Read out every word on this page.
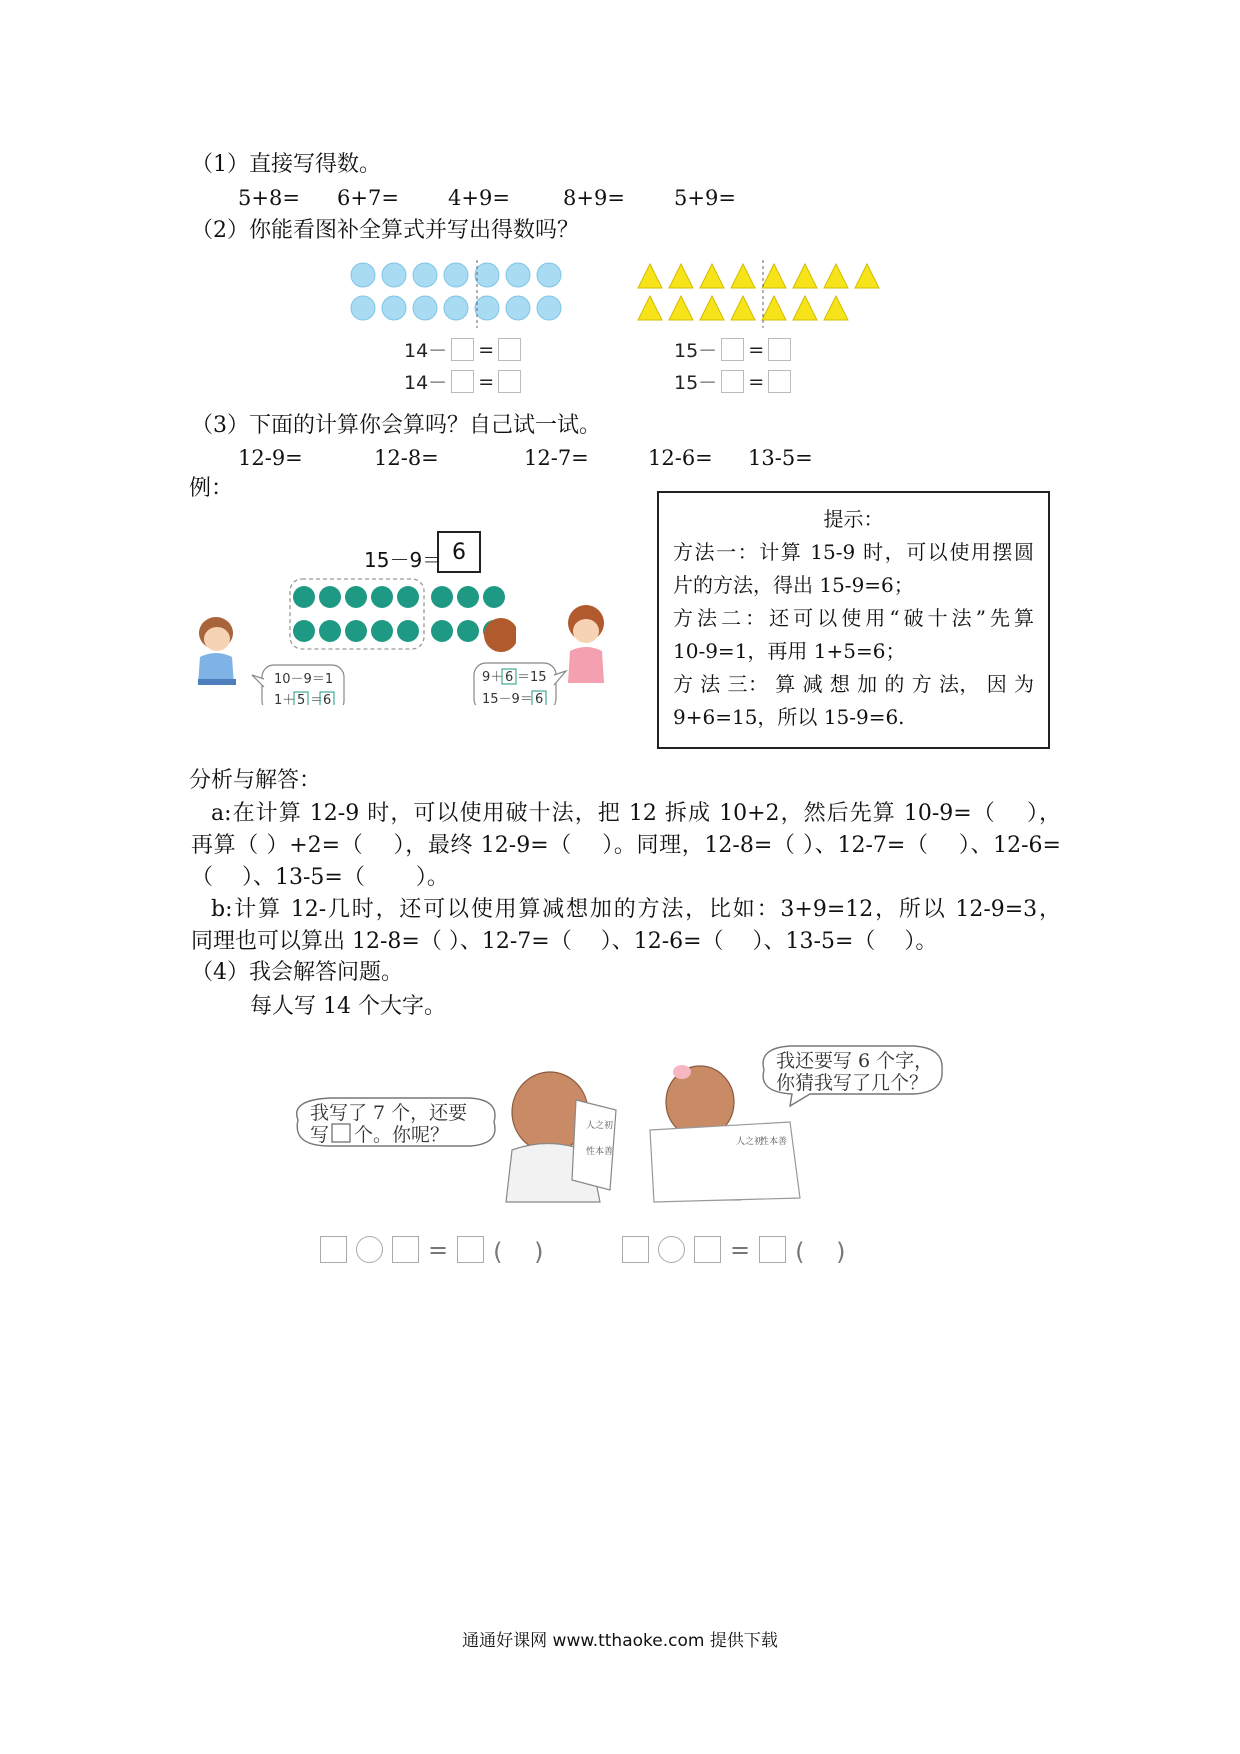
（1）直接写得数。
5+8= 6+7= 4+9=	8+9= 5+9=
（2）你能看图补全算式并写出得数吗？
14－ =
14－ =
15－ =
15－ =
（3）下面的计算你会算吗？自己试一试。
12-9=	12-8=	12-7=	12-6= 13-5=
例：
15－9＝ 6
10－9＝1
1＋ 5 ＝ 6
9＋ 6 ＝15
15－9＝ 6
提示：
方法一：计算 15-9 时，可以使用摆圆
片的方法，得出 15-9=6；
方法二：还可以使用“破十法”先算
10-9=1，再用 1+5=6；
方 法 三： 算 减 想 加 的 方 法， 因 为
9+6=15，所以 15-9=6.
分析与解答：
a:在计算 12-9 时，可以使用破十法，把 12 拆成 10+2，然后先算 10-9=（　 ），
再算（ ）+2=（　 ），最终 12-9=（　 ）。同理，12-8=（ ）、12-7=（　 ）、12-6=
（　 ）、13-5=（　　 ）。
b:计算 12-几时，还可以使用算减想加的方法，比如：3+9=12，所以 12-9=3，
同理也可以算出 12-8=（ ）、12-7=（　 ）、12-6=（　 ）、13-5=（　 ）。
（4）我会解答问题。
每人写 14 个大字。
我写了 7 个，还要
写 个。你呢？	人之初
性本善
人之初
性本善
我还要写 6 个字，
你猜我写了几个？
= (　 )	= (　 )
通通好课网 www.tthaoke.com 提供下载
